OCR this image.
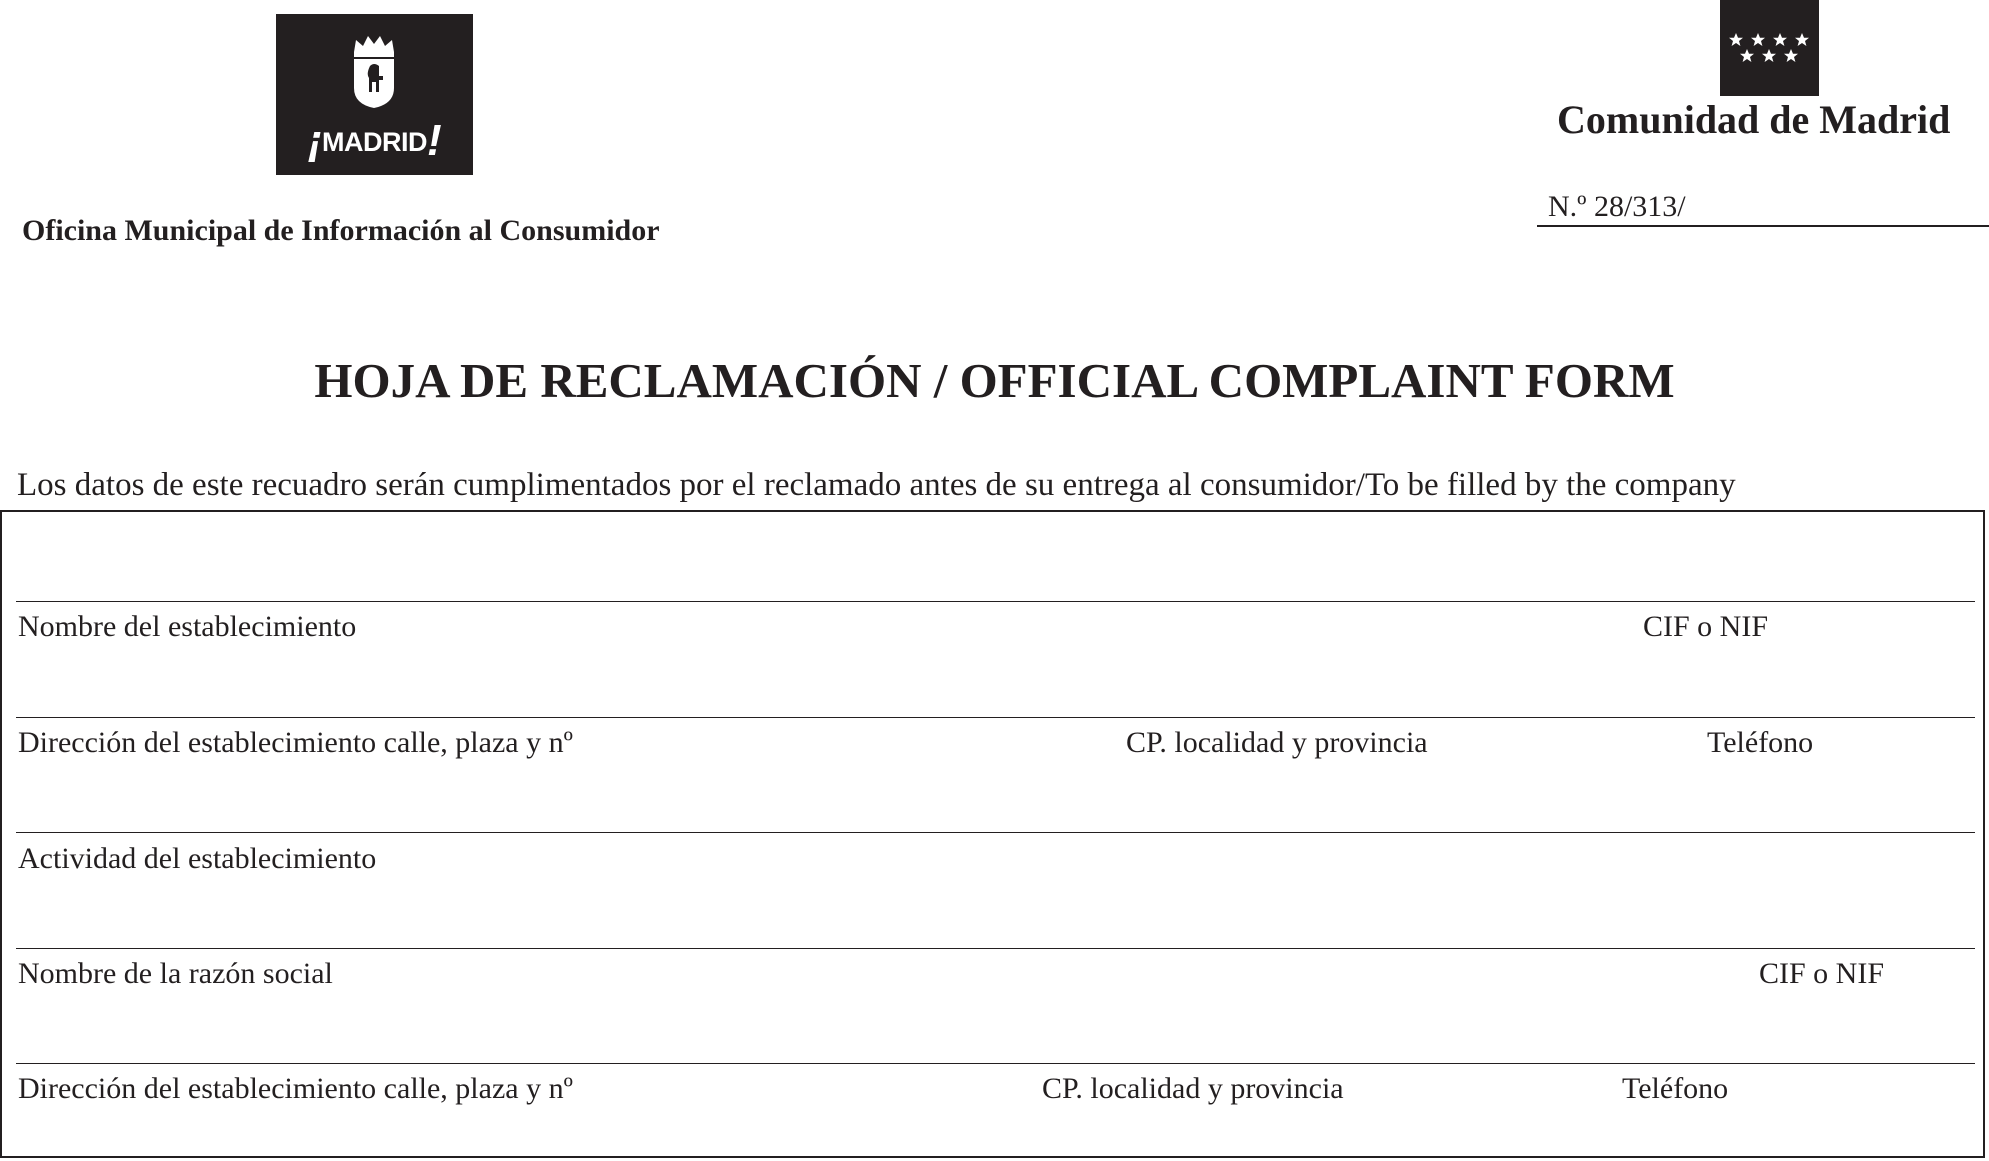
¡MADRID!
Oficina Municipal de Información al Consumidor
Comunidad de Madrid
N.º 28/313/
HOJA DE RECLAMACIÓN / OFFICIAL COMPLAINT FORM
Los datos de este recuadro serán cumplimentados por el reclamado antes de su entrega al consumidor/To be filled by the company
Nombre del establecimiento	CIF o NIF
Dirección del establecimiento calle, plaza y nº	CP. localidad y provincia	Teléfono
Actividad del establecimiento
Nombre de la razón social	CIF o NIF
Dirección del establecimiento calle, plaza y nº	CP. localidad y provincia	Teléfono
